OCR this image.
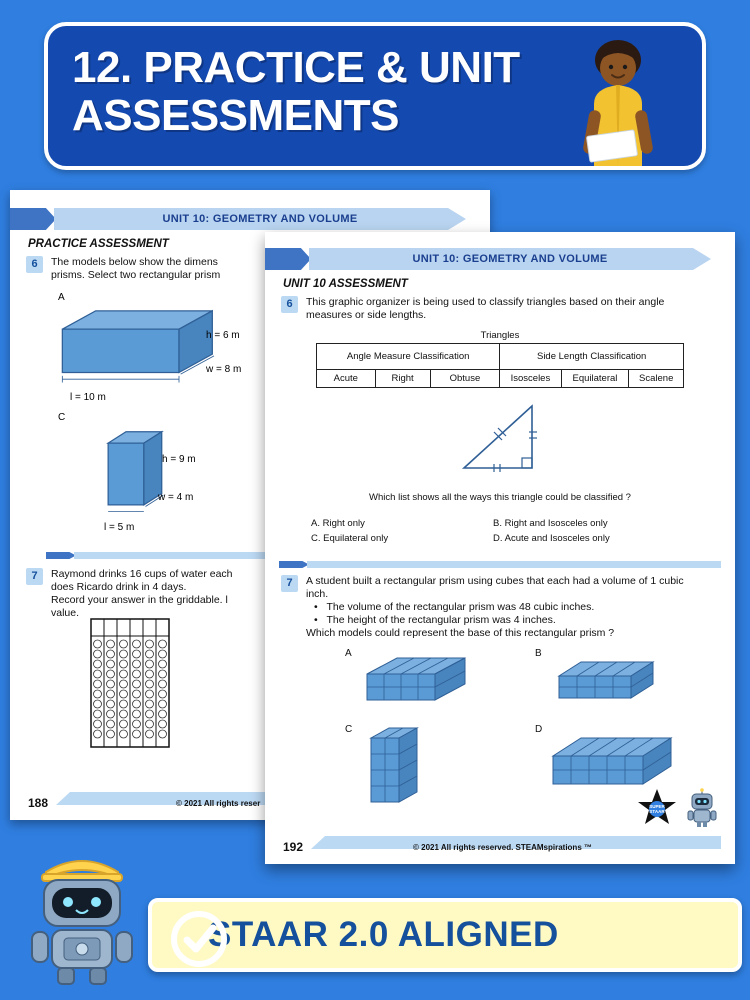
12. PRACTICE & UNIT ASSESSMENTS
UNIT 10: GEOMETRY AND VOLUME
PRACTICE ASSESSMENT
6	The models below show the dimens
prisms. Select two rectangular prism
A
h = 6 m
w = 8 m
l = 10 m
C
h = 9 m
w = 4 m
l = 5 m
7	Raymond drinks 16 cups of water each
does Ricardo drink in 4 days.
Record your answer in the griddable. l
value.
188	© 2021 All rights reser
UNIT 10: GEOMETRY AND VOLUME
UNIT 10 ASSESSMENT
6	This graphic organizer is being used to classify triangles based on their angle measures or side lengths.
Triangles
Angle Measure Classification			Side Length Classification		
Acute	Right	Obtuse	Isosceles	Equilateral	Scalene
Which list shows all the ways this triangle could be classified ?
A. Right only	B. Right and Isosceles only
C. Equilateral only	D. Acute and Isosceles only
7	A student built a rectangular prism using cubes that each had a volume of 1 cubic inch.
•   The volume of the rectangular prism was 48 cubic inches.
•   The height of the rectangular prism was 4 inches.
Which models could represent the base of this rectangular prism ?
A	B
C	D
SUPER
STAAR
192	© 2021 All rights reserved. STEAMspirations ™
STAAR 2.0 ALIGNED
